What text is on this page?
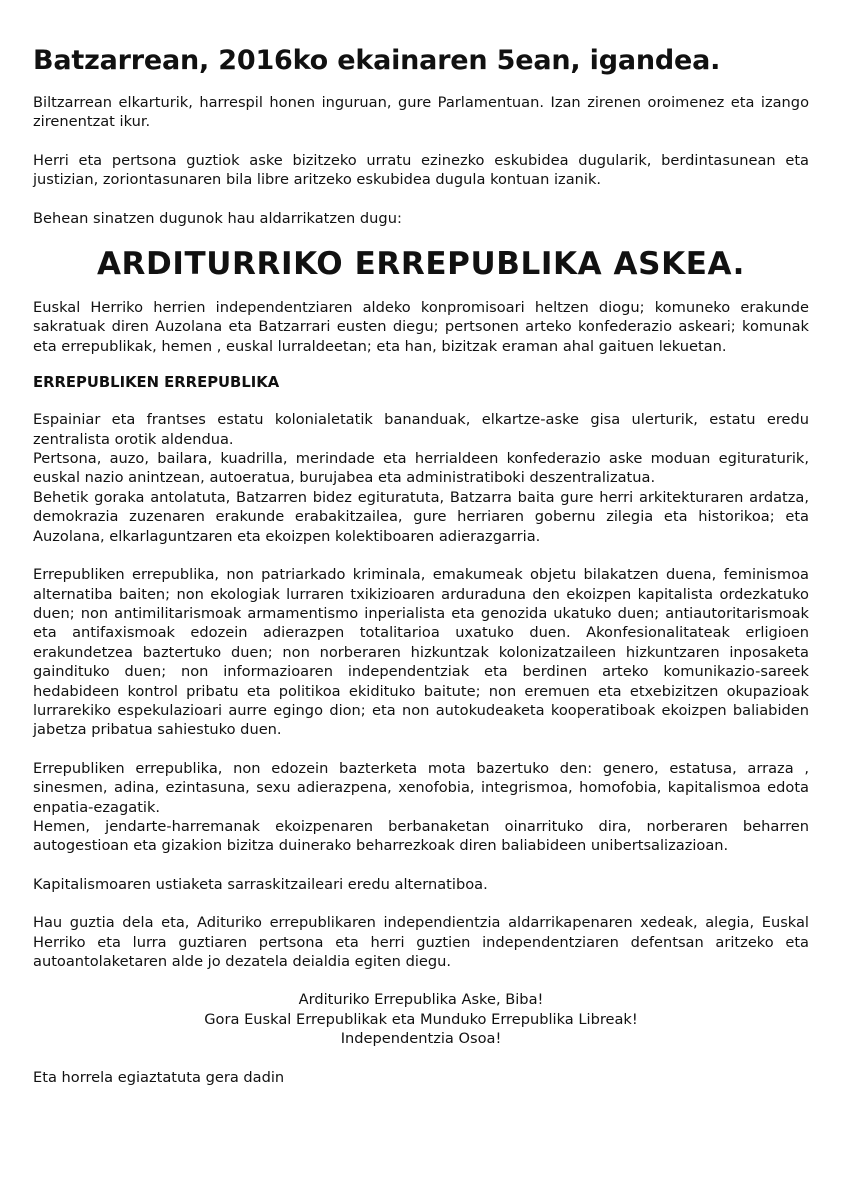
Batzarrean, 2016ko ekainaren 5ean, igandea.

Biltzarrean elkarturik, harrespil honen inguruan, gure Parlamentuan. Izan zirenen oroimenez eta izango zirenentzat ikur.

Herri eta pertsona guztiok aske bizitzeko urratu ezinezko eskubidea dugularik, berdintasunean eta justizian, zoriontasunaren bila libre aritzeko eskubidea dugula kontuan izanik.

Behean sinatzen dugunok hau aldarrikatzen dugu:

ARDITURRIKO ERREPUBLIKA ASKEA.

Euskal Herriko herrien independentziaren aldeko konpromisoari heltzen diogu; komuneko erakunde sakratuak diren Auzolana eta Batzarrari eusten diegu; pertsonen arteko konfederazio askeari; komunak eta errepublikak, hemen , euskal lurraldeetan; eta han, bizitzak eraman ahal gaituen lekuetan.

ERREPUBLIKEN ERREPUBLIKA

Espainiar eta frantses estatu kolonialetatik bananduak, elkartze-aske gisa ulerturik, estatu eredu zentralista orotik aldendua.

Pertsona, auzo, bailara, kuadrilla, merindade eta herrialdeen konfederazio aske moduan egituraturik, euskal nazio anintzean, autoeratua, burujabea eta administratiboki deszentralizatua.

Behetik goraka antolatuta, Batzarren bidez egituratuta, Batzarra baita gure herri arkitekturaren ardatza, demokrazia zuzenaren erakunde erabakitzailea, gure herriaren gobernu zilegia eta historikoa; eta Auzolana, elkarlaguntzaren eta ekoizpen kolektiboaren adierazgarria.

Errepubliken errepublika, non patriarkado kriminala, emakumeak objetu bilakatzen duena, feminismoa alternatiba baiten; non ekologiak lurraren txikizioaren arduraduna den ekoizpen kapitalista ordezkatuko duen; non antimilitarismoak armamentismo inperialista eta genozida ukatuko duen; antiautoritarismoak eta antifaxismoak edozein adierazpen totalitarioa uxatuko duen. Akonfesionalitateak erligioen erakundetzea baztertuko duen; non norberaren hizkuntzak kolonizatzaileen hizkuntzaren inposaketa gaindituko duen; non informazioaren independentziak eta berdinen arteko komunikazio-sareek hedabideen kontrol pribatu eta politikoa ekidituko baitute; non eremuen eta etxebizitzen okupazioak lurrarekiko espekulazioari aurre egingo dion; eta non autokudeaketa kooperatiboak ekoizpen baliabiden jabetza pribatua sahiestuko duen.

Errepubliken errepublika, non edozein bazterketa mota bazertuko den: genero, estatusa, arraza , sinesmen, adina, ezintasuna, sexu adierazpena, xenofobia, integrismoa, homofobia, kapitalismoa edota enpatia-ezagatik.

Hemen, jendarte-harremanak ekoizpenaren berbanaketan oinarrituko dira, norberaren beharren autogestioan eta gizakion bizitza duinerako beharrezkoak diren baliabideen unibertsalizazioan.

Kapitalismoaren ustiaketa sarraskitzaileari eredu alternatiboa.

Hau guztia dela eta, Adituriko errepublikaren independientzia aldarrikapenaren xedeak, alegia, Euskal Herriko eta lurra guztiaren pertsona eta herri guztien independentziaren defentsan aritzeko eta autoantolaketaren alde jo dezatela deialdia egiten diegu.

Ardituriko Errepublika Aske, Biba!

Gora Euskal Errepublikak eta Munduko Errepublika Libreak!

Independentzia Osoa!

Eta horrela egiaztatuta gera dadin
